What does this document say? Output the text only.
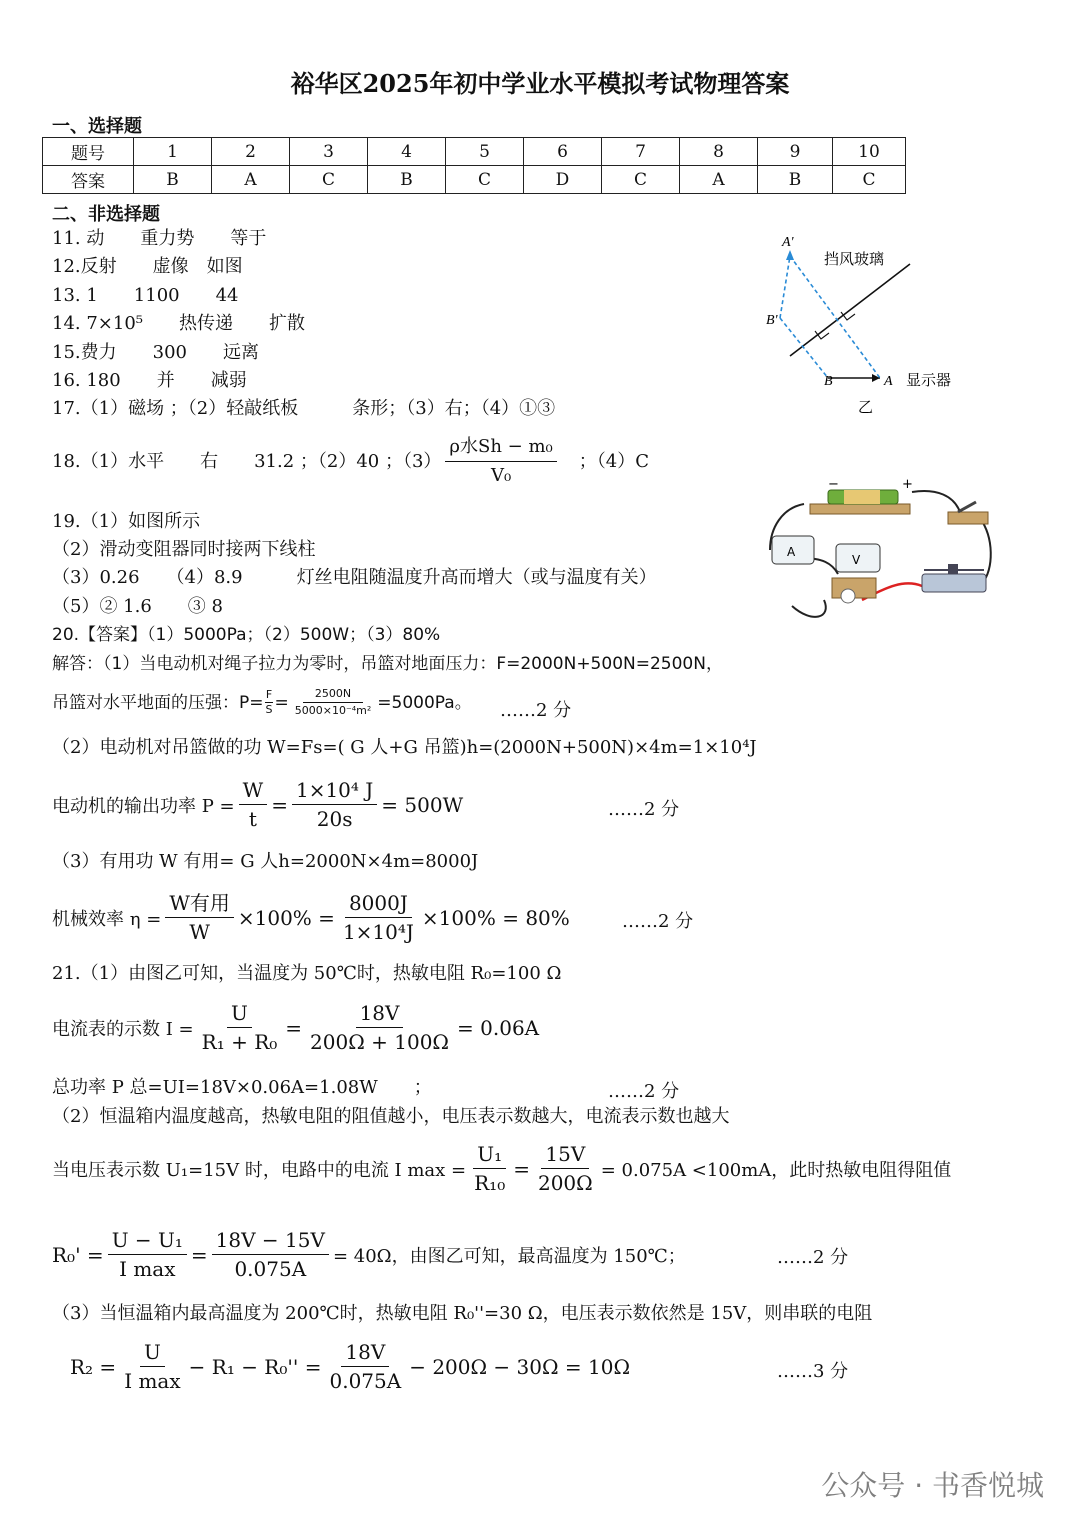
裕华区2025年初中学业水平模拟考试物理答案
一、选择题
题号	1	2	3	4	5	6	7	8	9	10
答案	B	A	C	B	C	D	C	A	B	C
二、非选择题
11. 动　　重力势　　等于
12.反射　　虚像　如图
13. 1　　1100　　44
14. 7×10⁵　　热传递　　扩散
15.费力　　300　　远离
16. 180　　并　　减弱
17.（1）磁场 ；（2）轻敲纸板　　　条形；（3）右；（4）①③
18.（1）水平　　右　　31.2 ；（2）40 ；$(3) \frac{\text{ρ水Sh − m₀}}{\text{V₀}}$ ；（4）C
19.（1）如图所示
（2）滑动变阻器同时接两下线柱
（3）0.26　　（4）8.9　　　灯丝电阻随温度升高而增大（或与温度有关）
（5）② 1.6　　③ 8
20.【答案】（1）5000Pa；（2）500W；（3）80%
解答：（1）当电动机对绳子拉力为零时，吊篮对地面压力：F=2000N+500N=2500N，
吊篮对水平地面的压强：$P= \frac{F}{S} = \frac{2500N}{\text{5000×10⁻⁴m²}} =5000Pa$。 ……2 分
（2）电动机对吊篮做的功 W=Fs=( G 人+G 吊篮)h=(2000N+500N)×4m=1×10⁴J
电动机的输出功率 $P = \frac{W}{t} = \frac{\text{1×10⁴ J}}{20s} = 500W$	……2 分
（3）有用功 W 有用= G 人h=2000N×4m=8000J
机械效率 $\eta = \frac{\text{W有用}}{W} \times 100\% = \frac{8000J}{\text{1×10⁴J}} \times 100\% = 80\%$	……2 分
21.（1）由图乙可知，当温度为 50℃时，热敏电阻 R₀=100 Ω
电流表的示数 $I = \frac{U}{\text{R₁ + R₀}} = \frac{18V}{200\Omega + 100\Omega} = 0.06A$
总功率 P 总=UI=18V×0.06A=1.08W　　；	……2 分
（2）恒温箱内温度越高，热敏电阻的阻值越小，电压表示数越大，电流表示数也越大
当电压表示数 U₁=15V 时，电路中的电流 I $\max = \frac{\text{U₁}}{\text{R₁₀}} = \frac{15V}{200\Omega} = 0.075A <100mA$，此时热敏电阻得阻值
$R_0' = \frac{\text{U − U₁}}{\text{I max}} = \frac{18V - 15V}{0.075A} = 40\Omega$，由图乙可知，最高温度为 150℃；	……2 分
（3）当恒温箱内最高温度为 200℃时，热敏电阻 R₀''=30 Ω，电压表示数依然是 15V，则串联的电阻
$R_2 = \frac{U}{\text{I max}} - R_1 - R_0'' = \frac{18V}{0.075A} - 200\Omega - 30\Omega = 10\Omega$	……3 分
A'
B'
B	A
挡风玻璃
显示器
乙
−	+
A
V
公众号 · 书香悦城
